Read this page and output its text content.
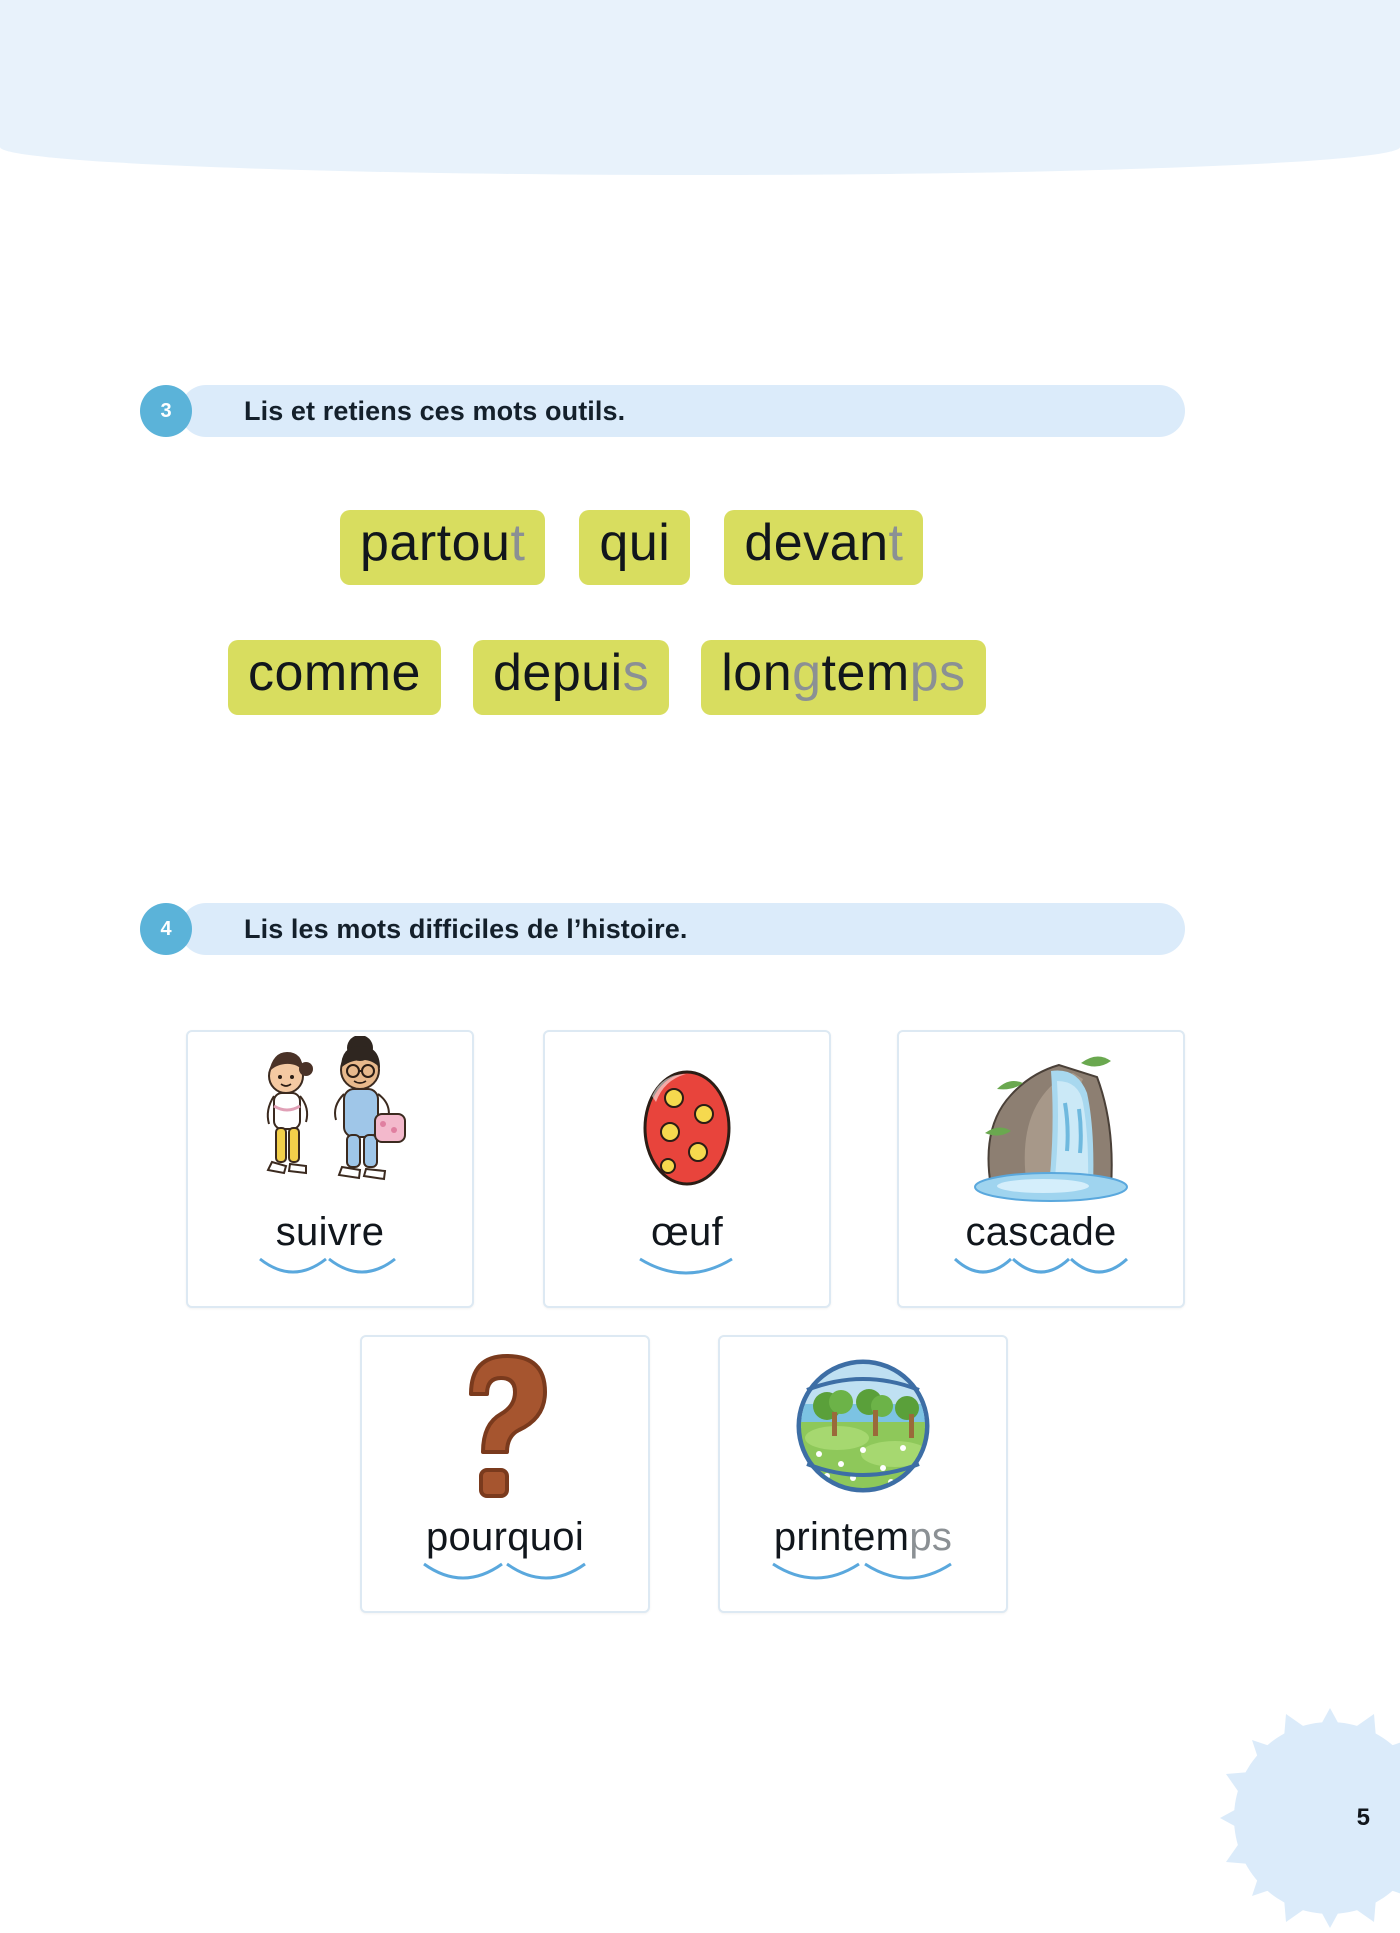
3	Lis et retiens ces mots outils.
partout	qui	devant
comme	depuis	longtemps
4	Lis les mots difficiles de l’histoire.
suivre	œuf	cascade
pourquoi	printemps
5
